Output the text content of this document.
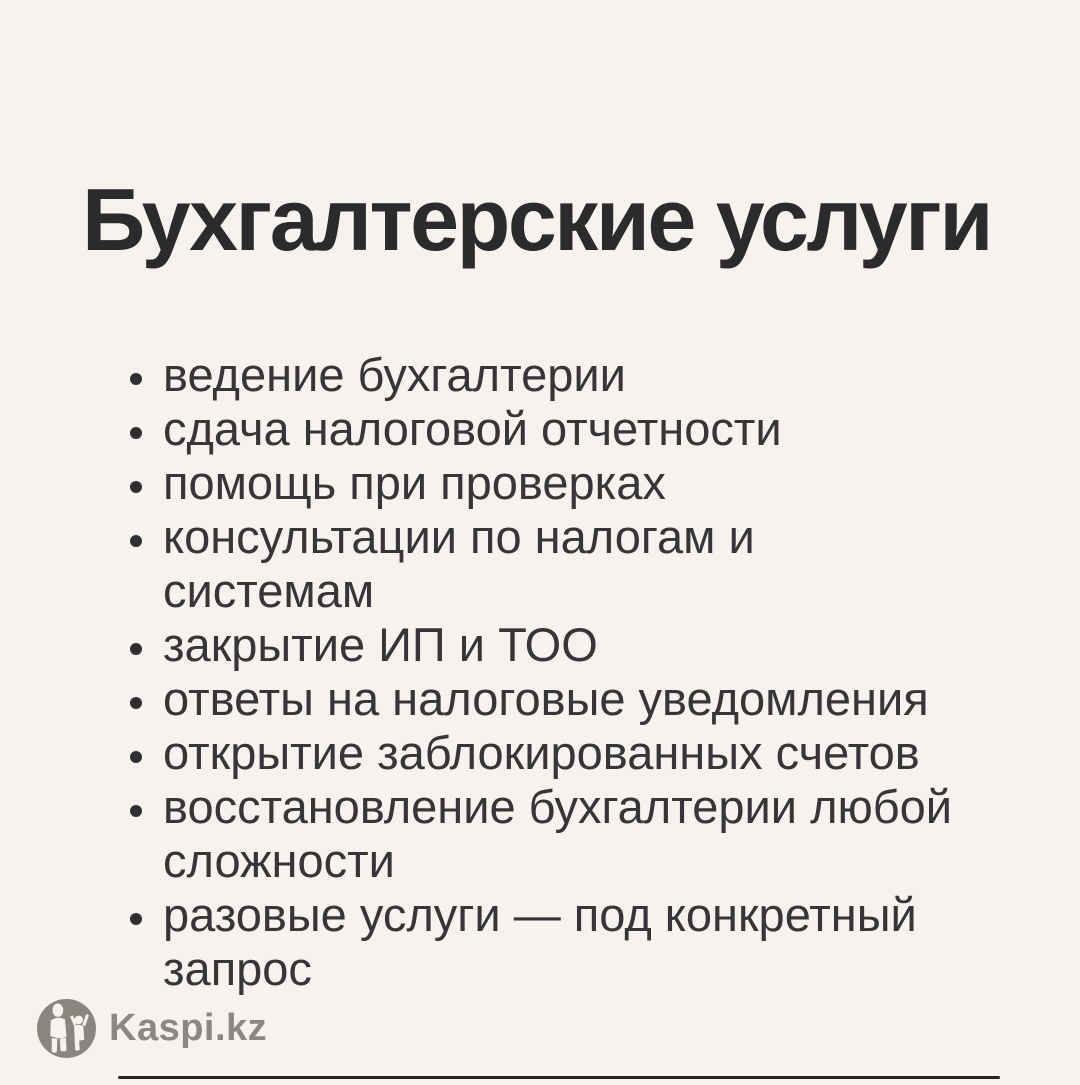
Бухгалтерские услуги
ведение бухгалтерии
сдача налоговой отчетности
помощь при проверках
консультации по налогам и системам
закрытие ИП и ТОО
ответы на налоговые уведомления
открытие заблокированных счетов
восстановление бухгалтерии любой сложности
разовые услуги — под конкретный запрос
Kaspi.kz
